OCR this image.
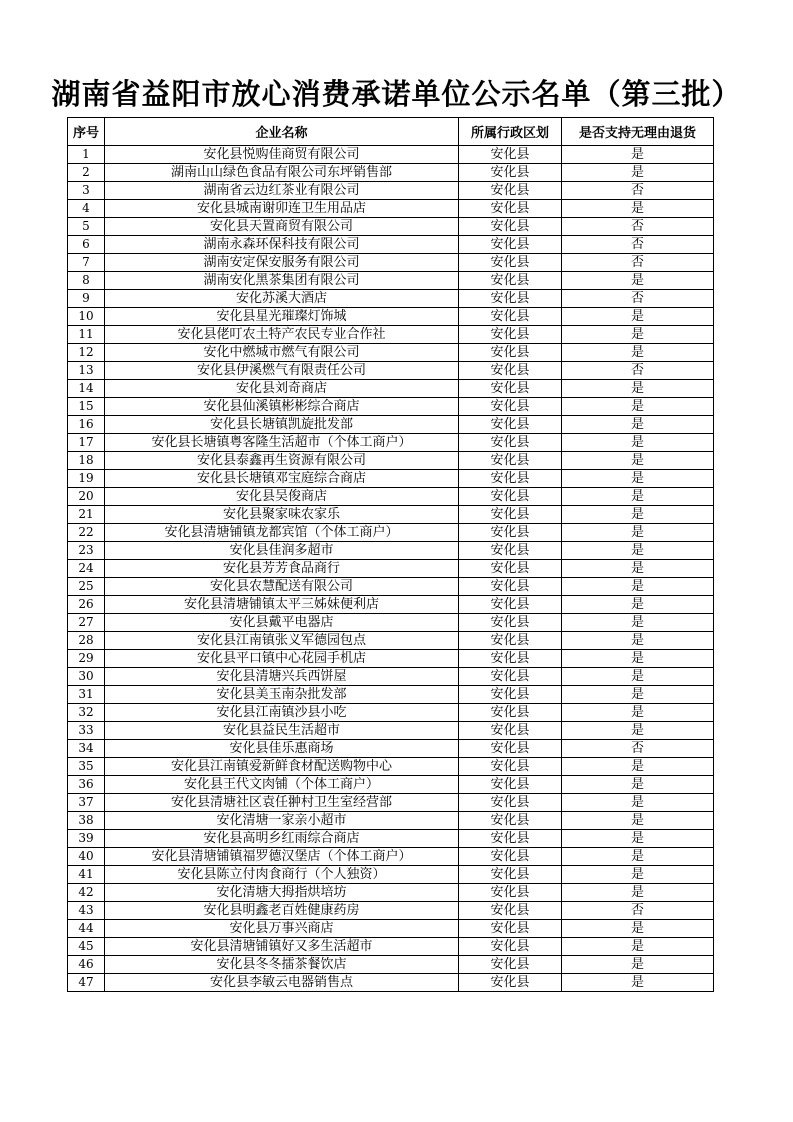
湖南省益阳市放心消费承诺单位公示名单（第三批）
序号	企业名称	所属行政区划	是否支持无理由退货
1	安化县悦购佳商贸有限公司	安化县	是
2	湖南山山绿色食品有限公司东坪销售部	安化县	是
3	湖南省云边红茶业有限公司	安化县	否
4	安化县城南谢卯连卫生用品店	安化县	是
5	安化县天置商贸有限公司	安化县	否
6	湖南永森环保科技有限公司	安化县	否
7	湖南安定保安服务有限公司	安化县	否
8	湖南安化黑茶集团有限公司	安化县	是
9	安化苏溪大酒店	安化县	否
10	安化县星光璀璨灯饰城	安化县	是
11	安化县佬叮农土特产农民专业合作社	安化县	是
12	安化中燃城市燃气有限公司	安化县	是
13	安化县伊溪燃气有限责任公司	安化县	否
14	安化县刘奇商店	安化县	是
15	安化县仙溪镇彬彬综合商店	安化县	是
16	安化县长塘镇凯旋批发部	安化县	是
17	安化县长塘镇粤客隆生活超市（个体工商户）	安化县	是
18	安化县泰鑫再生资源有限公司	安化县	是
19	安化县长塘镇邓宝庭综合商店	安化县	是
20	安化县吴俊商店	安化县	是
21	安化县聚家味农家乐	安化县	是
22	安化县清塘铺镇龙都宾馆（个体工商户）	安化县	是
23	安化县佳润多超市	安化县	是
24	安化县芳芳食品商行	安化县	是
25	安化县农慧配送有限公司	安化县	是
26	安化县清塘铺镇太平三姊妹便利店	安化县	是
27	安化县戴平电器店	安化县	是
28	安化县江南镇张义军德园包点	安化县	是
29	安化县平口镇中心花园手机店	安化县	是
30	安化县清塘兴兵西饼屋	安化县	是
31	安化县美玉南杂批发部	安化县	是
32	安化县江南镇沙县小吃	安化县	是
33	安化县益民生活超市	安化县	是
34	安化县佳乐惠商场	安化县	否
35	安化县江南镇爱新鲜食材配送购物中心	安化县	是
36	安化县王代文肉铺（个体工商户）	安化县	是
37	安化县清塘社区袁任翀村卫生室经营部	安化县	是
38	安化清塘一家亲小超市	安化县	是
39	安化县高明乡红雨综合商店	安化县	是
40	安化县清塘铺镇福罗德汉堡店（个体工商户）	安化县	是
41	安化县陈立付肉食商行（个人独资）	安化县	是
42	安化清塘大拇指烘培坊	安化县	是
43	安化县明鑫老百姓健康药房	安化县	否
44	安化县万事兴商店	安化县	是
45	安化县清塘铺镇好又多生活超市	安化县	是
46	安化县冬冬擂茶餐饮店	安化县	是
47	安化县李敏云电器销售点	安化县	是
